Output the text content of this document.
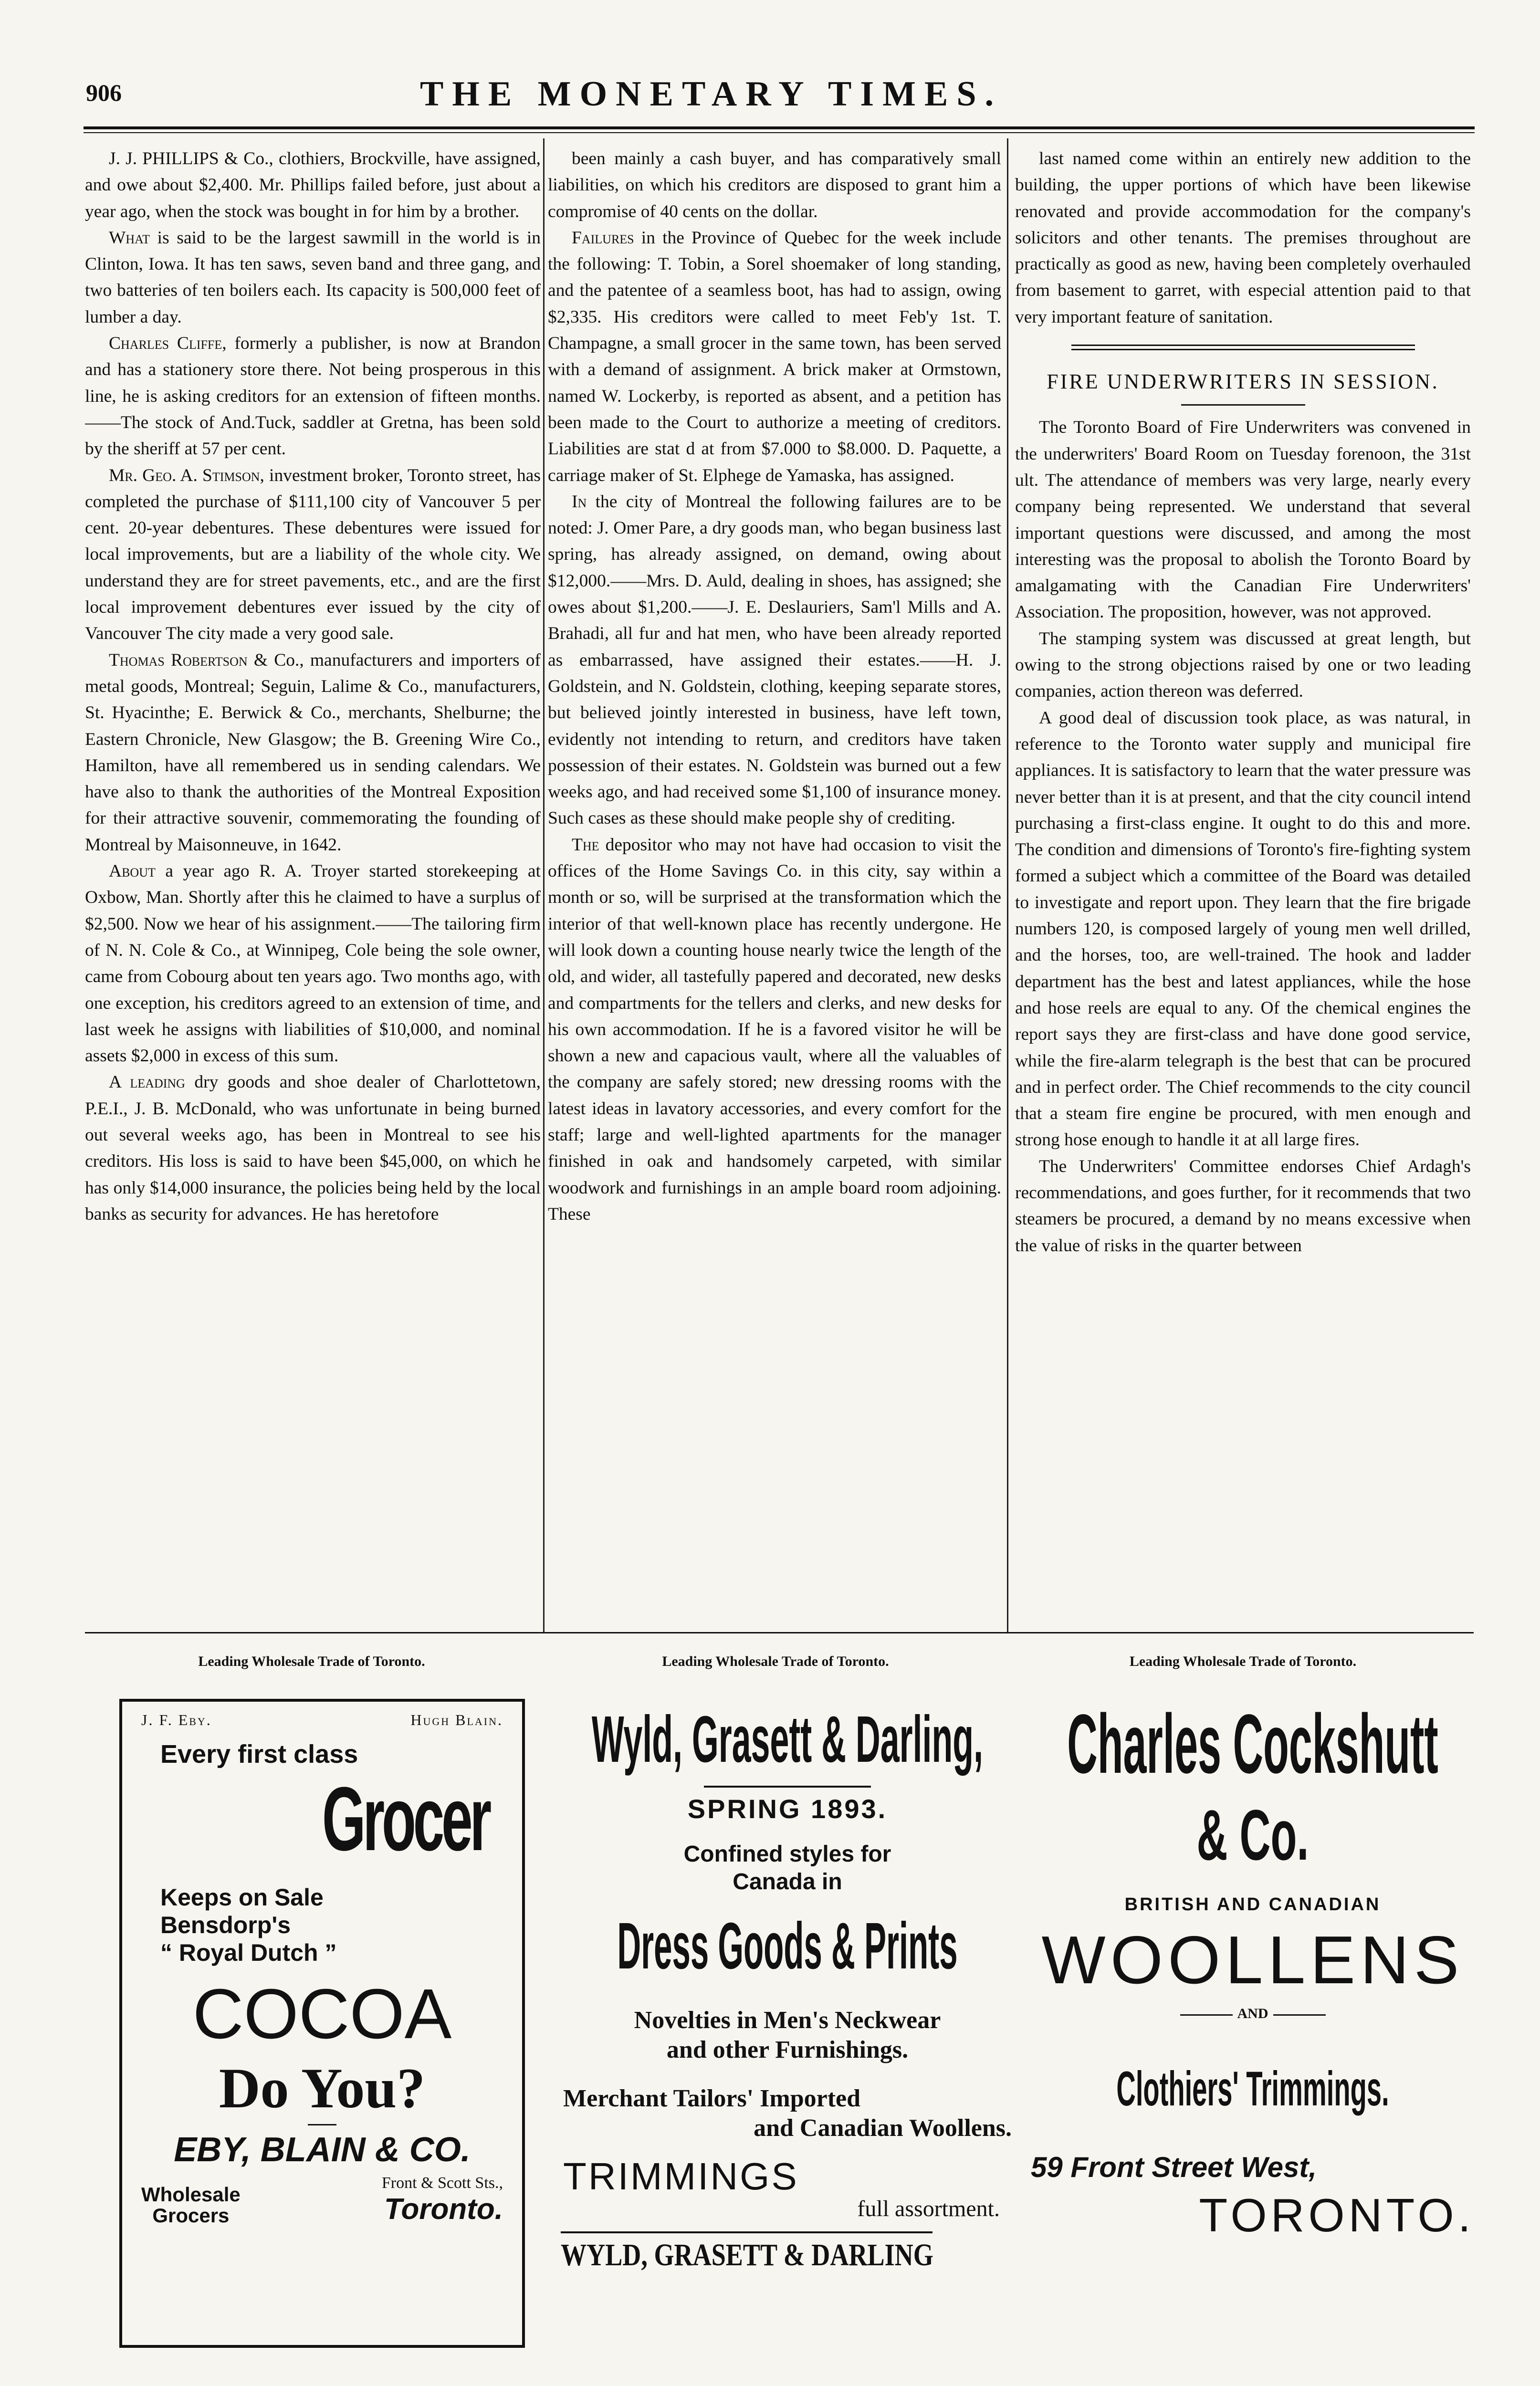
906	THE MONETARY TIMES.

J. J. PHILLIPS & Co., clothiers, Brockville, have assigned, and owe about $2,400. Mr. Phillips failed before, just about a year ago, when the stock was bought in for him by a brother.

What is said to be the largest sawmill in the world is in Clinton, Iowa. It has ten saws, seven band and three gang, and two batteries of ten boilers each. Its capacity is 500,000 feet of lumber a day.

Charles Cliffe, formerly a publisher, is now at Brandon and has a stationery store there. Not being prosperous in this line, he is asking creditors for an extension of fifteen months. ——The stock of And.Tuck, saddler at Gretna, has been sold by the sheriff at 57 per cent.

Mr. Geo. A. Stimson, investment broker, Toronto street, has completed the purchase of $111,100 city of Vancouver 5 per cent. 20-year debentures. These debentures were issued for local improvements, but are a liability of the whole city. We understand they are for street pavements, etc., and are the first local improvement debentures ever issued by the city of Vancouver The city made a very good sale.

Thomas Robertson & Co., manufacturers and importers of metal goods, Montreal; Seguin, Lalime & Co., manufacturers, St. Hyacinthe; E. Berwick & Co., merchants, Shelburne; the Eastern Chronicle, New Glasgow; the B. Greening Wire Co., Hamilton, have all remembered us in sending calendars. We have also to thank the authorities of the Montreal Exposition for their attractive souvenir, commemorating the founding of Montreal by Maisonneuve, in 1642.

About a year ago R. A. Troyer started storekeeping at Oxbow, Man. Shortly after this he claimed to have a surplus of $2,500. Now we hear of his assignment.——The tailoring firm of N. N. Cole & Co., at Winnipeg, Cole being the sole owner, came from Cobourg about ten years ago. Two months ago, with one exception, his creditors agreed to an extension of time, and last week he assigns with liabilities of $10,000, and nominal assets $2,000 in excess of this sum.

A leading dry goods and shoe dealer of Charlottetown, P.E.I., J. B. McDonald, who was unfortunate in being burned out several weeks ago, has been in Montreal to see his creditors. His loss is said to have been $45,000, on which he has only $14,000 insurance, the policies being held by the local banks as security for advances. He has heretofore

been mainly a cash buyer, and has comparatively small liabilities, on which his creditors are disposed to grant him a compromise of 40 cents on the dollar.

Failures in the Province of Quebec for the week include the following: T. Tobin, a Sorel shoemaker of long standing, and the patentee of a seamless boot, has had to assign, owing $2,335. His creditors were called to meet Feb'y 1st. T. Champagne, a small grocer in the same town, has been served with a demand of assignment. A brick maker at Ormstown, named W. Lockerby, is reported as absent, and a petition has been made to the Court to authorize a meeting of creditors. Liabilities are stat d at from $7.000 to $8.000. D. Paquette, a carriage maker of St. Elphege de Yamaska, has assigned.

In the city of Montreal the following failures are to be noted: J. Omer Pare, a dry goods man, who began business last spring, has already assigned, on demand, owing about $12,000.——Mrs. D. Auld, dealing in shoes, has assigned; she owes about $1,200.——J. E. Deslauriers, Sam'l Mills and A. Brahadi, all fur and hat men, who have been already reported as embarrassed, have assigned their estates.——H. J. Goldstein, and N. Goldstein, clothing, keeping separate stores, but believed jointly interested in business, have left town, evidently not intending to return, and creditors have taken possession of their estates. N. Goldstein was burned out a few weeks ago, and had received some $1,100 of insurance money. Such cases as these should make people shy of crediting.

The depositor who may not have had occasion to visit the offices of the Home Savings Co. in this city, say within a month or so, will be surprised at the transformation which the interior of that well-known place has recently undergone. He will look down a counting house nearly twice the length of the old, and wider, all tastefully papered and decorated, new desks and compartments for the tellers and clerks, and new desks for his own accommodation. If he is a favored visitor he will be shown a new and capacious vault, where all the valuables of the company are safely stored; new dressing rooms with the latest ideas in lavatory accessories, and every comfort for the staff; large and well-lighted apartments for the manager finished in oak and handsomely carpeted, with similar woodwork and furnishings in an ample board room adjoining. These

last named come within an entirely new addition to the building, the upper portions of which have been likewise renovated and provide accommodation for the company's solicitors and other tenants. The premises throughout are practically as good as new, having been completely overhauled from basement to garret, with especial attention paid to that very important feature of sanitation.

FIRE UNDERWRITERS IN SESSION.

The Toronto Board of Fire Underwriters was convened in the underwriters' Board Room on Tuesday forenoon, the 31st ult. The attendance of members was very large, nearly every company being represented. We understand that several important questions were discussed, and among the most interesting was the proposal to abolish the Toronto Board by amalgamating with the Canadian Fire Underwriters' Association. The proposition, however, was not approved.

The stamping system was discussed at great length, but owing to the strong objections raised by one or two leading companies, action thereon was deferred.

A good deal of discussion took place, as was natural, in reference to the Toronto water supply and municipal fire appliances. It is satisfactory to learn that the water pressure was never better than it is at present, and that the city council intend purchasing a first-class engine. It ought to do this and more. The condition and dimensions of Toronto's fire-fighting system formed a subject which a committee of the Board was detailed to investigate and report upon. They learn that the fire brigade numbers 120, is composed largely of young men well drilled, and the horses, too, are well-trained. The hook and ladder department has the best and latest appliances, while the hose and hose reels are equal to any. Of the chemical engines the report says they are first-class and have done good service, while the fire-alarm telegraph is the best that can be procured and in perfect order. The Chief recommends to the city council that a steam fire engine be procured, with men enough and strong hose enough to handle it at all large fires.

The Underwriters' Committee endorses Chief Ardagh's recommendations, and goes further, for it recommends that two steamers be procured, a demand by no means excessive when the value of risks in the quarter between

Leading Wholesale Trade of Toronto.	Leading Wholesale Trade of Toronto.	Leading Wholesale Trade of Toronto.
J. F. Eby.	Hugh Blain.
Every first class
Grocer
Keeps on Sale
Bensdorp's
“ Royal Dutch ”
COCOA
Do You?
EBY, BLAIN & CO.
Wholesale
Grocers
Front & Scott Sts.,
Toronto.
Wyld, Grasett & Darling,
SPRING 1893.
Confined styles for
Canada in
Dress Goods & Prints
Novelties in Men's Neckwear
and other Furnishings.
Merchant Tailors' Imported
and Canadian Woollens.
TRIMMINGS
full assortment.
WYLD, GRASETT & DARLING
Charles Cockshutt
& Co.
BRITISH AND CANADIAN
WOOLLENS
AND
Clothiers' Trimmings.
59 Front Street West,
TORONTO.
